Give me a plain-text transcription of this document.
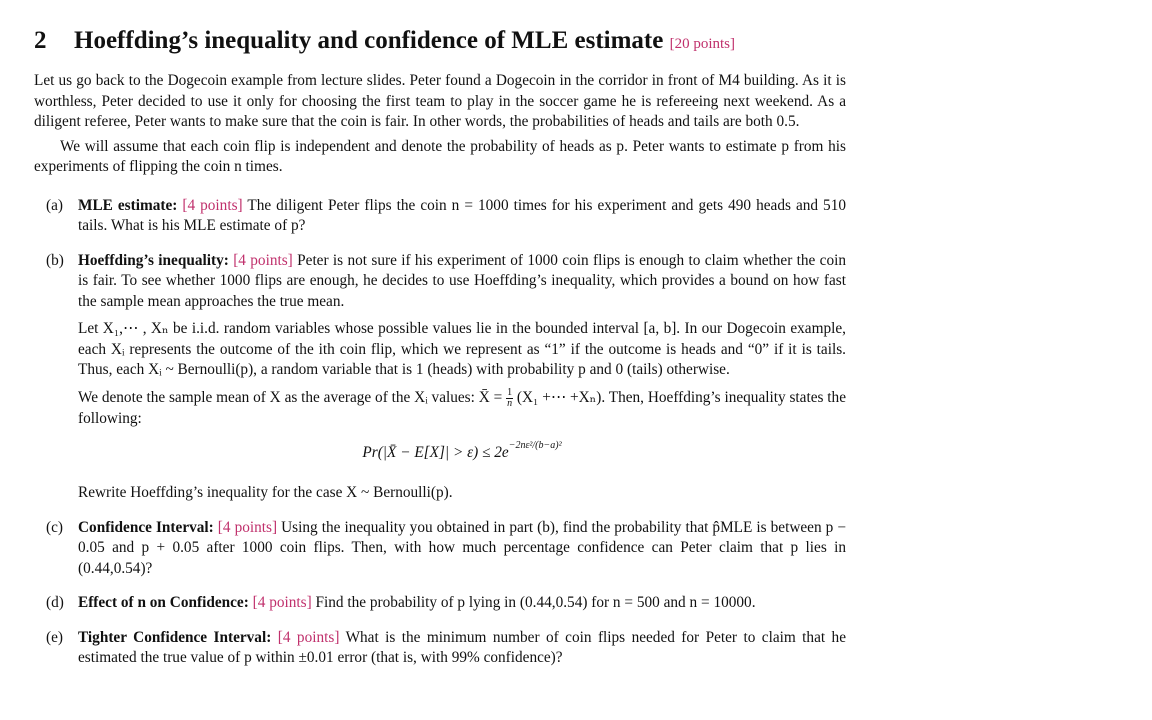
2 Hoeffding’s inequality and confidence of MLE estimate [20 points]

Let us go back to the Dogecoin example from lecture slides. Peter found a Dogecoin in the corridor in front of M4 building. As it is worthless, Peter decided to use it only for choosing the first team to play in the soccer game he is refereeing next weekend. As a diligent referee, Peter wants to make sure that the coin is fair. In other words, the probabilities of heads and tails are both 0.5.

We will assume that each coin flip is independent and denote the probability of heads as p. Peter wants to estimate p from his experiments of flipping the coin n times.

(a) MLE estimate: [4 points] The diligent Peter flips the coin n = 1000 times for his experiment and gets 490 heads and 510 tails. What is his MLE estimate of p?

(b) Hoeffding’s inequality: [4 points] Peter is not sure if his experiment of 1000 coin flips is enough to claim whether the coin is fair. To see whether 1000 flips are enough, he decides to use Hoeffding’s inequality, which provides a bound on how fast the sample mean approaches the true mean.

Let X₁,⋯ , Xₙ be i.i.d. random variables whose possible values lie in the bounded interval [a, b]. In our Dogecoin example, each Xᵢ represents the outcome of the ith coin flip, which we represent as “1” if the outcome is heads and “0” if it is tails. Thus, each Xᵢ ~ Bernoulli(p), a random variable that is 1 (heads) with probability p and 0 (tails) otherwise.

We denote the sample mean of X as the average of the Xᵢ values: X̄ = $\frac{1}{n} (X_1$ +⋯ +Xₙ). Then, Hoeffding’s inequality states the following:

Pr(|X̄ − $E[X]| > \varepsilon) \le 2e^{-2n\varepsilon^2/(b-a)^2}$

Rewrite Hoeffding’s inequality for the case X ~ Bernoulli(p).

(c) Confidence Interval: [4 points] Using the inequality you obtained in part (b), find the probability that p̂MLE is between p − 0.05 and p + 0.05 after 1000 coin flips. Then, with how much percentage confidence can Peter claim that p lies in (0.44,0.54)?

(d) Effect of n on Confidence: [4 points] Find the probability of p lying in (0.44,0.54) for n = 500 and n = 10000.

(e) Tighter Confidence Interval: [4 points] What is the minimum number of coin flips needed for Peter to claim that he estimated the true value of p within ±0.01 error (that is, with 99% confidence)?
